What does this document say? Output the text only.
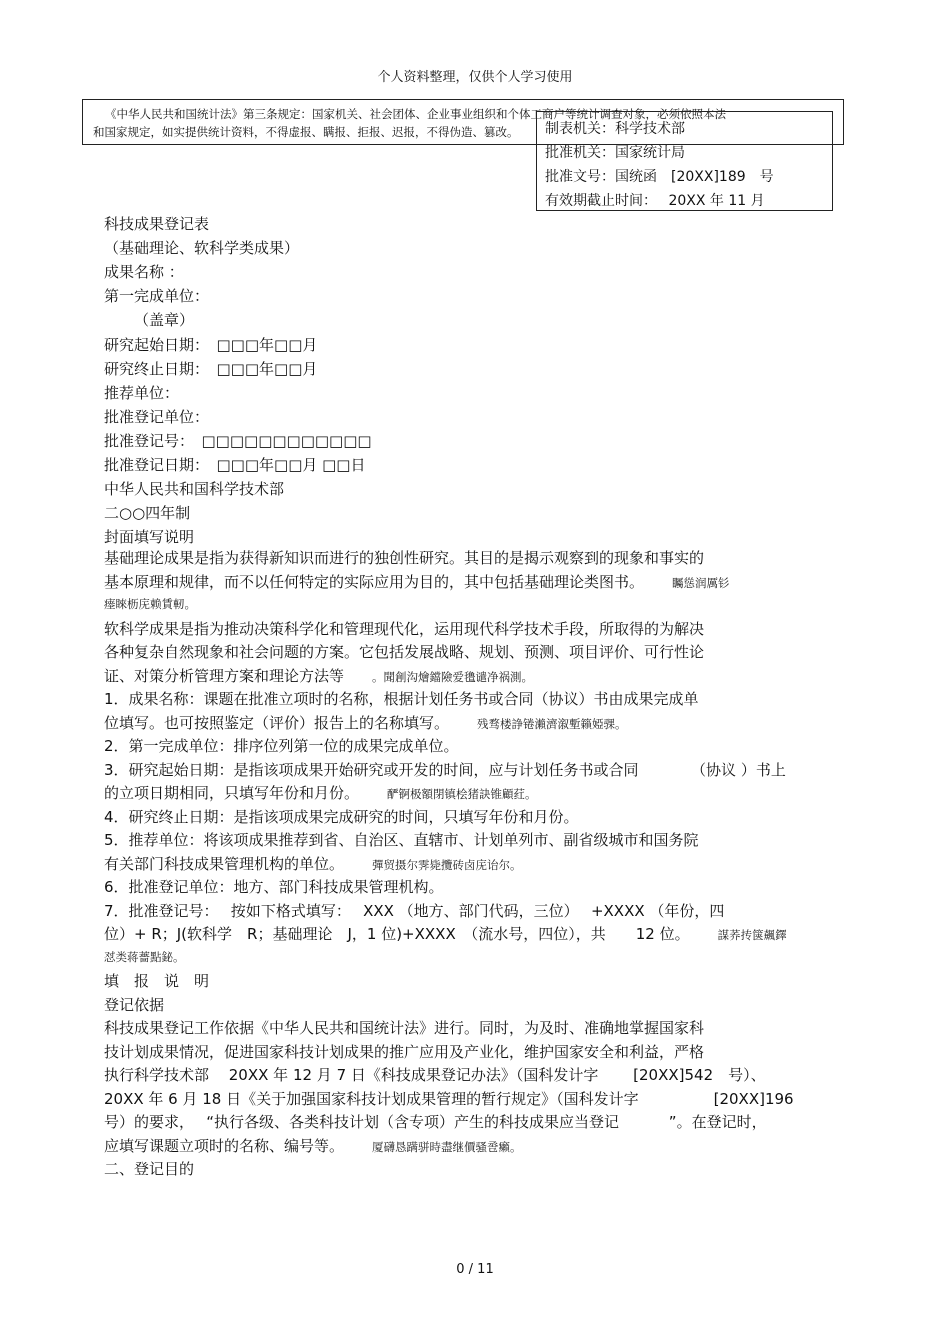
个人资料整理，仅供个人学习使用
《中华人民共和国统计法》第三条规定：国家机关、社会团体、企业事业组织和个体工商户等统计调查对象，必须依照本法
和国家规定，如实提供统计资料，不得虚报、瞒报、拒报、迟报，不得伪造、篡改。 制表机关：科学技术部
批准机关：国家统计局
批准文号：国统函　[20XX]189　号
有效期截止时间：　 20XX 年 11 月
科技成果登记表
（基础理论、软科学类成果）
成果名称 ：
第一完成单位：
（盖章）
研究起始日期：　□□□年□□月
研究终止日期：　□□□年□□月
推荐单位：
批准登记单位：
批准登记号：　□□□□□□□□□□□□
批准登记日期：　□□□年□□月 □□日
中华人民共和国科学技术部
二○○四年制
封面填写说明
基础理论成果是指为获得新知识而进行的独创性研究。其目的是揭示观察到的现象和事实的
基本原理和规律，而不以任何特定的实际应用为目的，其中包括基础理论类图书。 矚慫润厲钐
瘗睞枥庑赖賃軔。
软科学成果是指为推动决策科学化和管理现代化，运用现代科学技术手段，所取得的为解决
各种复杂自然现象和社会问题的方案。它包括发展战略、规划、预测、项目评价、可行性论
证、对策分析管理方案和理论方法等 。聞創沟燴鐺險爱氇谴净祸測。
1．成果名称：课题在批准立项时的名称，根据计划任务书或合同（协议）书由成果完成单
位填写。也可按照鉴定（评价）报告上的名称填写。 残骛楼諍锩瀨濟溆塹籟婭骒。
2．第一完成单位：排序位列第一位的成果完成单位。
3．研究起始日期：是指该项成果开始研究或开发的时间，应与计划任务书或合同　　　　（协议 ）书上
的立项日期相同，只填写年份和月份。 酽锕极額閉镇桧猪訣锥顧荭。
4．研究终止日期：是指该项成果完成研究的时间，只填写年份和月份。
5．推荐单位：将该项成果推荐到省、自治区、直辖市、计划单列市、副省级城市和国务院
有关部门科技成果管理机构的单位。 彈贸摄尔霁毙攬砖卤庑诒尔。
6．批准登记单位：地方、部门科技成果管理机构。
7．批准登记号：　 按如下格式填写：　 XXX （地方、部门代码，三位）　 +XXXX （年份，四
位）+ R；J(软科学　R；基础理论　J，1 位)+XXXX　（流水号，四位），共　　12 位。 謀荞抟箧飆鐸
怼类蒋薔點鉍。
填　报　说　明
登记依据
科技成果登记工作依据《中华人民共和国统计法》进行。同时，为及时、准确地掌握国家科
技计划成果情况，促进国家科技计划成果的推广应用及产业化，维护国家安全和利益，严格
执行科学技术部　 20XX 年 12 月 7 日《科技成果登记办法》（国科发计字　　 [20XX]542　号）、
20XX 年 6 月 18 日《关于加强国家科技计划成果管理的暂行规定》（国科发计字　　　　　[20XX]196
号）的要求，　 “执行各级、各类科技计划（含专项）产生的科技成果应当登记　　　 ”。在登记时，
应填写课题立项时的名称、编号等。 厦礴恳蹒骈時盡继價骚卺癩。
二、登记目的
0 / 11
